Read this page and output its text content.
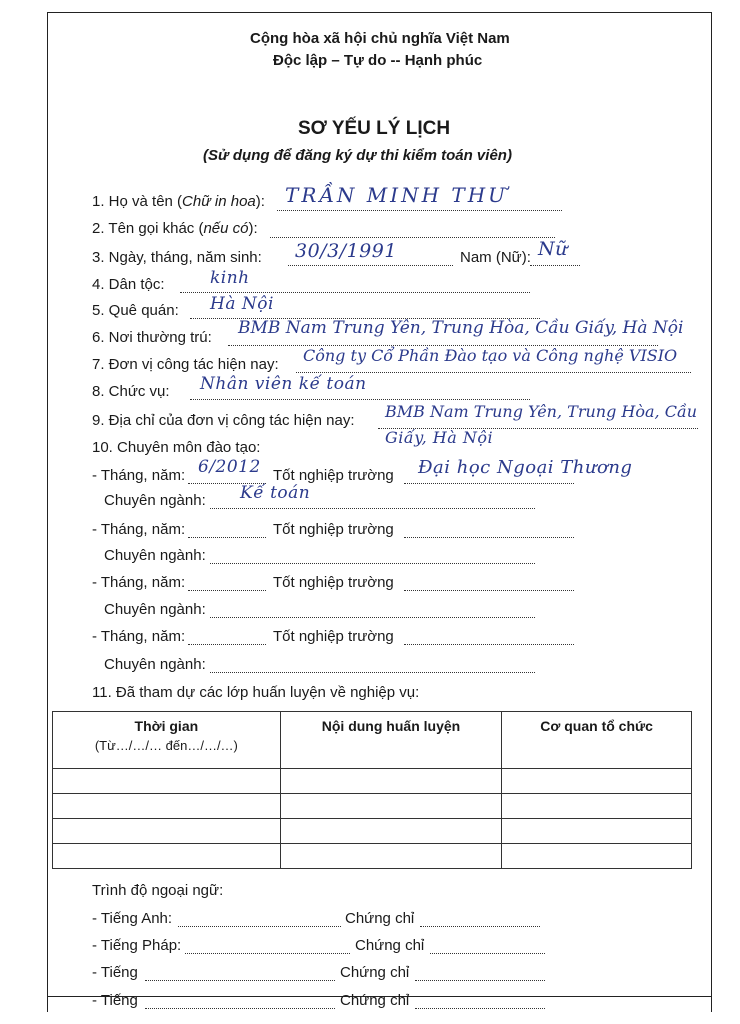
Cộng hòa xã hội chủ nghĩa Việt Nam
Độc lập – Tự do -- Hạnh phúc
SƠ YẾU LÝ LỊCH
(Sử dụng để đăng ký dự thi kiểm toán viên)
1. Họ và tên (Chữ in hoa): TRẦN MINH THƯ
2. Tên gọi khác (nếu có):
3. Ngày, tháng, năm sinh: 30/3/1991	Nam (Nữ): Nữ
4. Dân tộc:	kinh
5. Quê quán: Hà Nội
6. Nơi thường trú: BMB Nam Trung Yên, Trung Hòa, Cầu Giấy, Hà Nội
7. Đơn vị công tác hiện nay: Công ty Cổ Phần Đào tạo và Công nghệ VISIO
8. Chức vụ: Nhân viên kế toán
9. Địa chỉ của đơn vị công tác hiện nay: BMB Nam Trung Yên, Trung Hòa, Cầu
Giấy, Hà Nội
10. Chuyên môn đào tạo:
- Tháng, năm: 6/2012 Tốt nghiệp trường Đại học Ngoại Thương
Chuyên ngành: Kế toán
- Tháng, năm:	Tốt nghiệp trường
Chuyên ngành:
- Tháng, năm:	Tốt nghiệp trường
Chuyên ngành:
- Tháng, năm:	Tốt nghiệp trường
Chuyên ngành:
11. Đã tham dự các lớp huấn luyện về nghiệp vụ:
Thời gian
(Từ…/…/… đến…/…/…)	Nội dung huấn luyện	Cơ quan tổ chức

Trình độ ngoại ngữ:
- Tiếng Anh:	Chứng chỉ
- Tiếng Pháp:	Chứng chỉ
- Tiếng	Chứng chỉ
- Tiếng	Chứng chỉ
